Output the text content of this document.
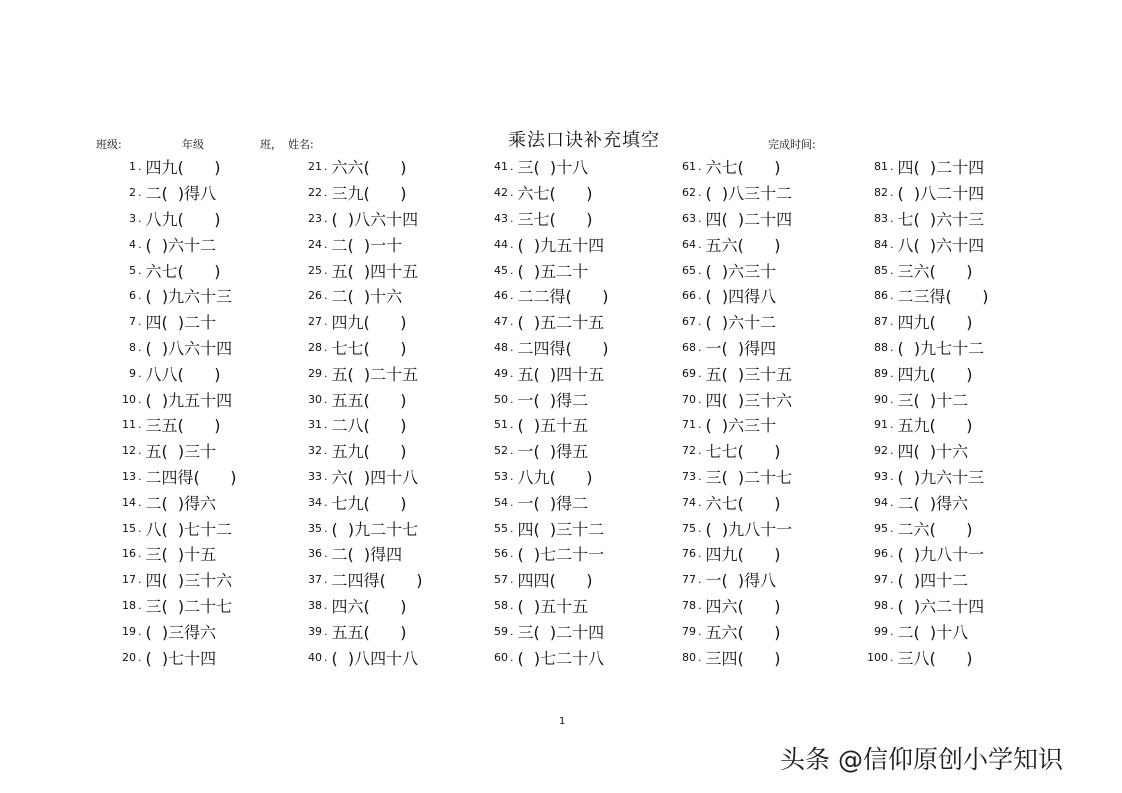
班级:	年级	班， 姓名:	乘法口诀补充填空	完成时间:
1 . 四九(      )
2 . 二(  )得八
3 . 八九(      )
4 . (  )六十二
5 . 六七(      )
6 . (  )九六十三
7 . 四(  )二十
8 . (  )八六十四
9 . 八八(      )
10 . (  )九五十四
11 . 三五(      )
12 . 五(  )三十
13 . 二四得(      )
14 . 二(  )得六
15 . 八(  )七十二
16 . 三(  )十五
17 . 四(  )三十六
18 . 三(  )二十七
19 . (  )三得六
20 . (  )七十四
21 . 六六(      )
22 . 三九(      )
23 . (  )八六十四
24 . 二(  )一十
25 . 五(  )四十五
26 . 二(  )十六
27 . 四九(      )
28 . 七七(      )
29 . 五(  )二十五
30 . 五五(      )
31 . 二八(      )
32 . 五九(      )
33 . 六(  )四十八
34 . 七九(      )
35 . (  )九二十七
36 . 二(  )得四
37 . 二四得(      )
38 . 四六(      )
39 . 五五(      )
40 . (  )八四十八
41 . 三(  )十八
42 . 六七(      )
43 . 三七(      )
44 . (  )九五十四
45 . (  )五二十
46 . 二二得(      )
47 . (  )五二十五
48 . 二四得(      )
49 . 五(  )四十五
50 . 一(  )得二
51 . (  )五十五
52 . 一(  )得五
53 . 八九(      )
54 . 一(  )得二
55 . 四(  )三十二
56 . (  )七二十一
57 . 四四(      )
58 . (  )五十五
59 . 三(  )二十四
60 . (  )七二十八
61 . 六七(      )
62 . (  )八三十二
63 . 四(  )二十四
64 . 五六(      )
65 . (  )六三十
66 . (  )四得八
67 . (  )六十二
68 . 一(  )得四
69 . 五(  )三十五
70 . 四(  )三十六
71 . (  )六三十
72 . 七七(      )
73 . 三(  )二十七
74 . 六七(      )
75 . (  )九八十一
76 . 四九(      )
77 . 一(  )得八
78 . 四六(      )
79 . 五六(      )
80 . 三四(      )
81 . 四(  )二十四
82 . (  )八二十四
83 . 七(  )六十三
84 . 八(  )六十四
85 . 三六(      )
86 . 二三得(      )
87 . 四九(      )
88 . (  )九七十二
89 . 四九(      )
90 . 三(  )十二
91 . 五九(      )
92 . 四(  )十六
93 . (  )九六十三
94 . 二(  )得六
95 . 二六(      )
96 . (  )九八十一
97 . (  )四十二
98 . (  )六二十四
99 . 二(  )十八
100 . 三八(      )
1
头条 @信仰原创小学知识
